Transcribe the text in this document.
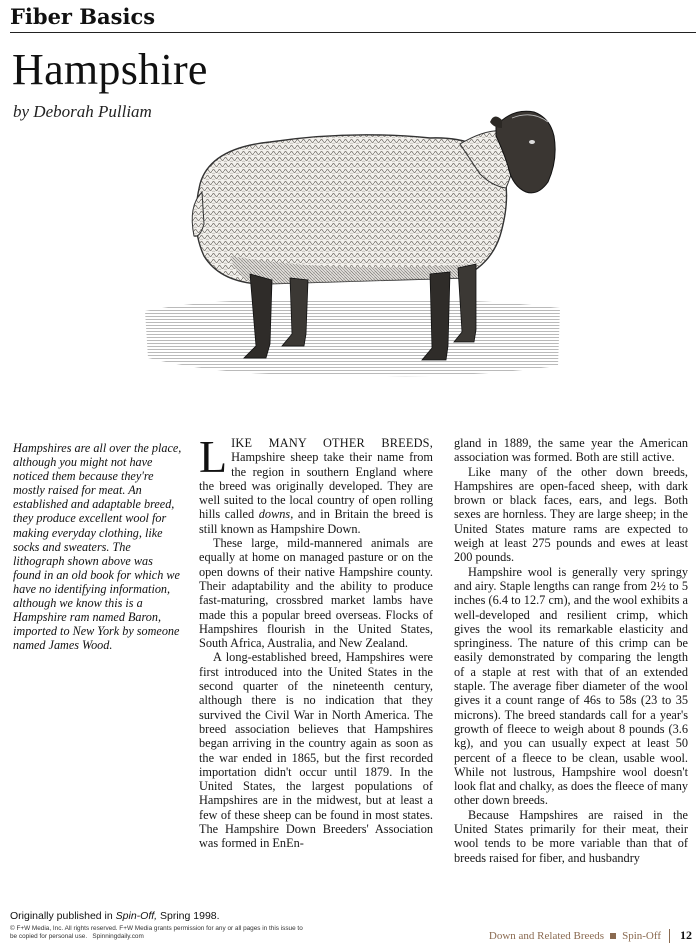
Fiber Basics
Hampshire
by Deborah Pulliam
Hampshires are all over the place, although you might not have noticed them because they're mostly raised for meat. An established and adaptable breed, they produce excellent wool for making everyday clothing, like socks and sweaters. The lithograph shown above was found in an old book for which we have no identifying information, although we know this is a Hampshire ram named Baron, imported to New York by someone named James Wood.

LIKE MANY OTHER BREEDS, Hampshire sheep take their name from the region in southern England where the breed was originally developed. They are well suited to the local country of open rolling hills called downs, and in Britain the breed is still known as Hampshire Down.

These large, mild-mannered animals are equally at home on managed pasture or on the open downs of their native Hampshire county. Their adaptability and the ability to produce fast-maturing, crossbred market lambs have made this a popular breed overseas. Flocks of Hampshires flourish in the United States, South Africa, Australia, and New Zealand.

A long-established breed, Hampshires were first introduced into the United States in the second quarter of the nineteenth century, although there is no indication that they survived the Civil War in North America. The breed association believes that Hampshires began arriving in the country again as soon as the war ended in 1865, but the first recorded importation didn't occur until 1879. In the United States, the largest populations of Hampshires are in the midwest, but at least a few of these sheep can be found in most states. The Hampshire Down Breeders' Association was formed in EnEn-

gland in 1889, the same year the American association was formed. Both are still active.

Like many of the other down breeds, Hampshires are open-faced sheep, with dark brown or black faces, ears, and legs. Both sexes are hornless. They are large sheep; in the United States mature rams are expected to weigh at least 275 pounds and ewes at least 200 pounds.

Hampshire wool is generally very springy and airy. Staple lengths can range from 2½ to 5 inches (6.4 to 12.7 cm), and the wool exhibits a well-developed and resilient crimp, which gives the wool its remarkable elasticity and springiness. The nature of this crimp can be easily demonstrated by comparing the length of a staple at rest with that of an extended staple. The average fiber diameter of the wool gives it a count range of 46s to 58s (23 to 35 microns). The breed standards call for a year's growth of fleece to weigh about 8 pounds (3.6 kg), and you can usually expect at least 50 percent of a fleece to be clean, usable wool. While not lustrous, Hampshire wool doesn't look flat and chalky, as does the fleece of many other down breeds.

Because Hampshires are raised in the United States primarily for their meat, their wool tends to be more variable than that of breeds raised for fiber, and husbandry

Originally published in Spin-Off, Spring 1998.
© F+W Media, Inc. All rights reserved. F+W Media grants permission for any or all pages in this issue to be copied for personal use. Spinningdaily.com	Down and Related Breeds Spin-Off 12
